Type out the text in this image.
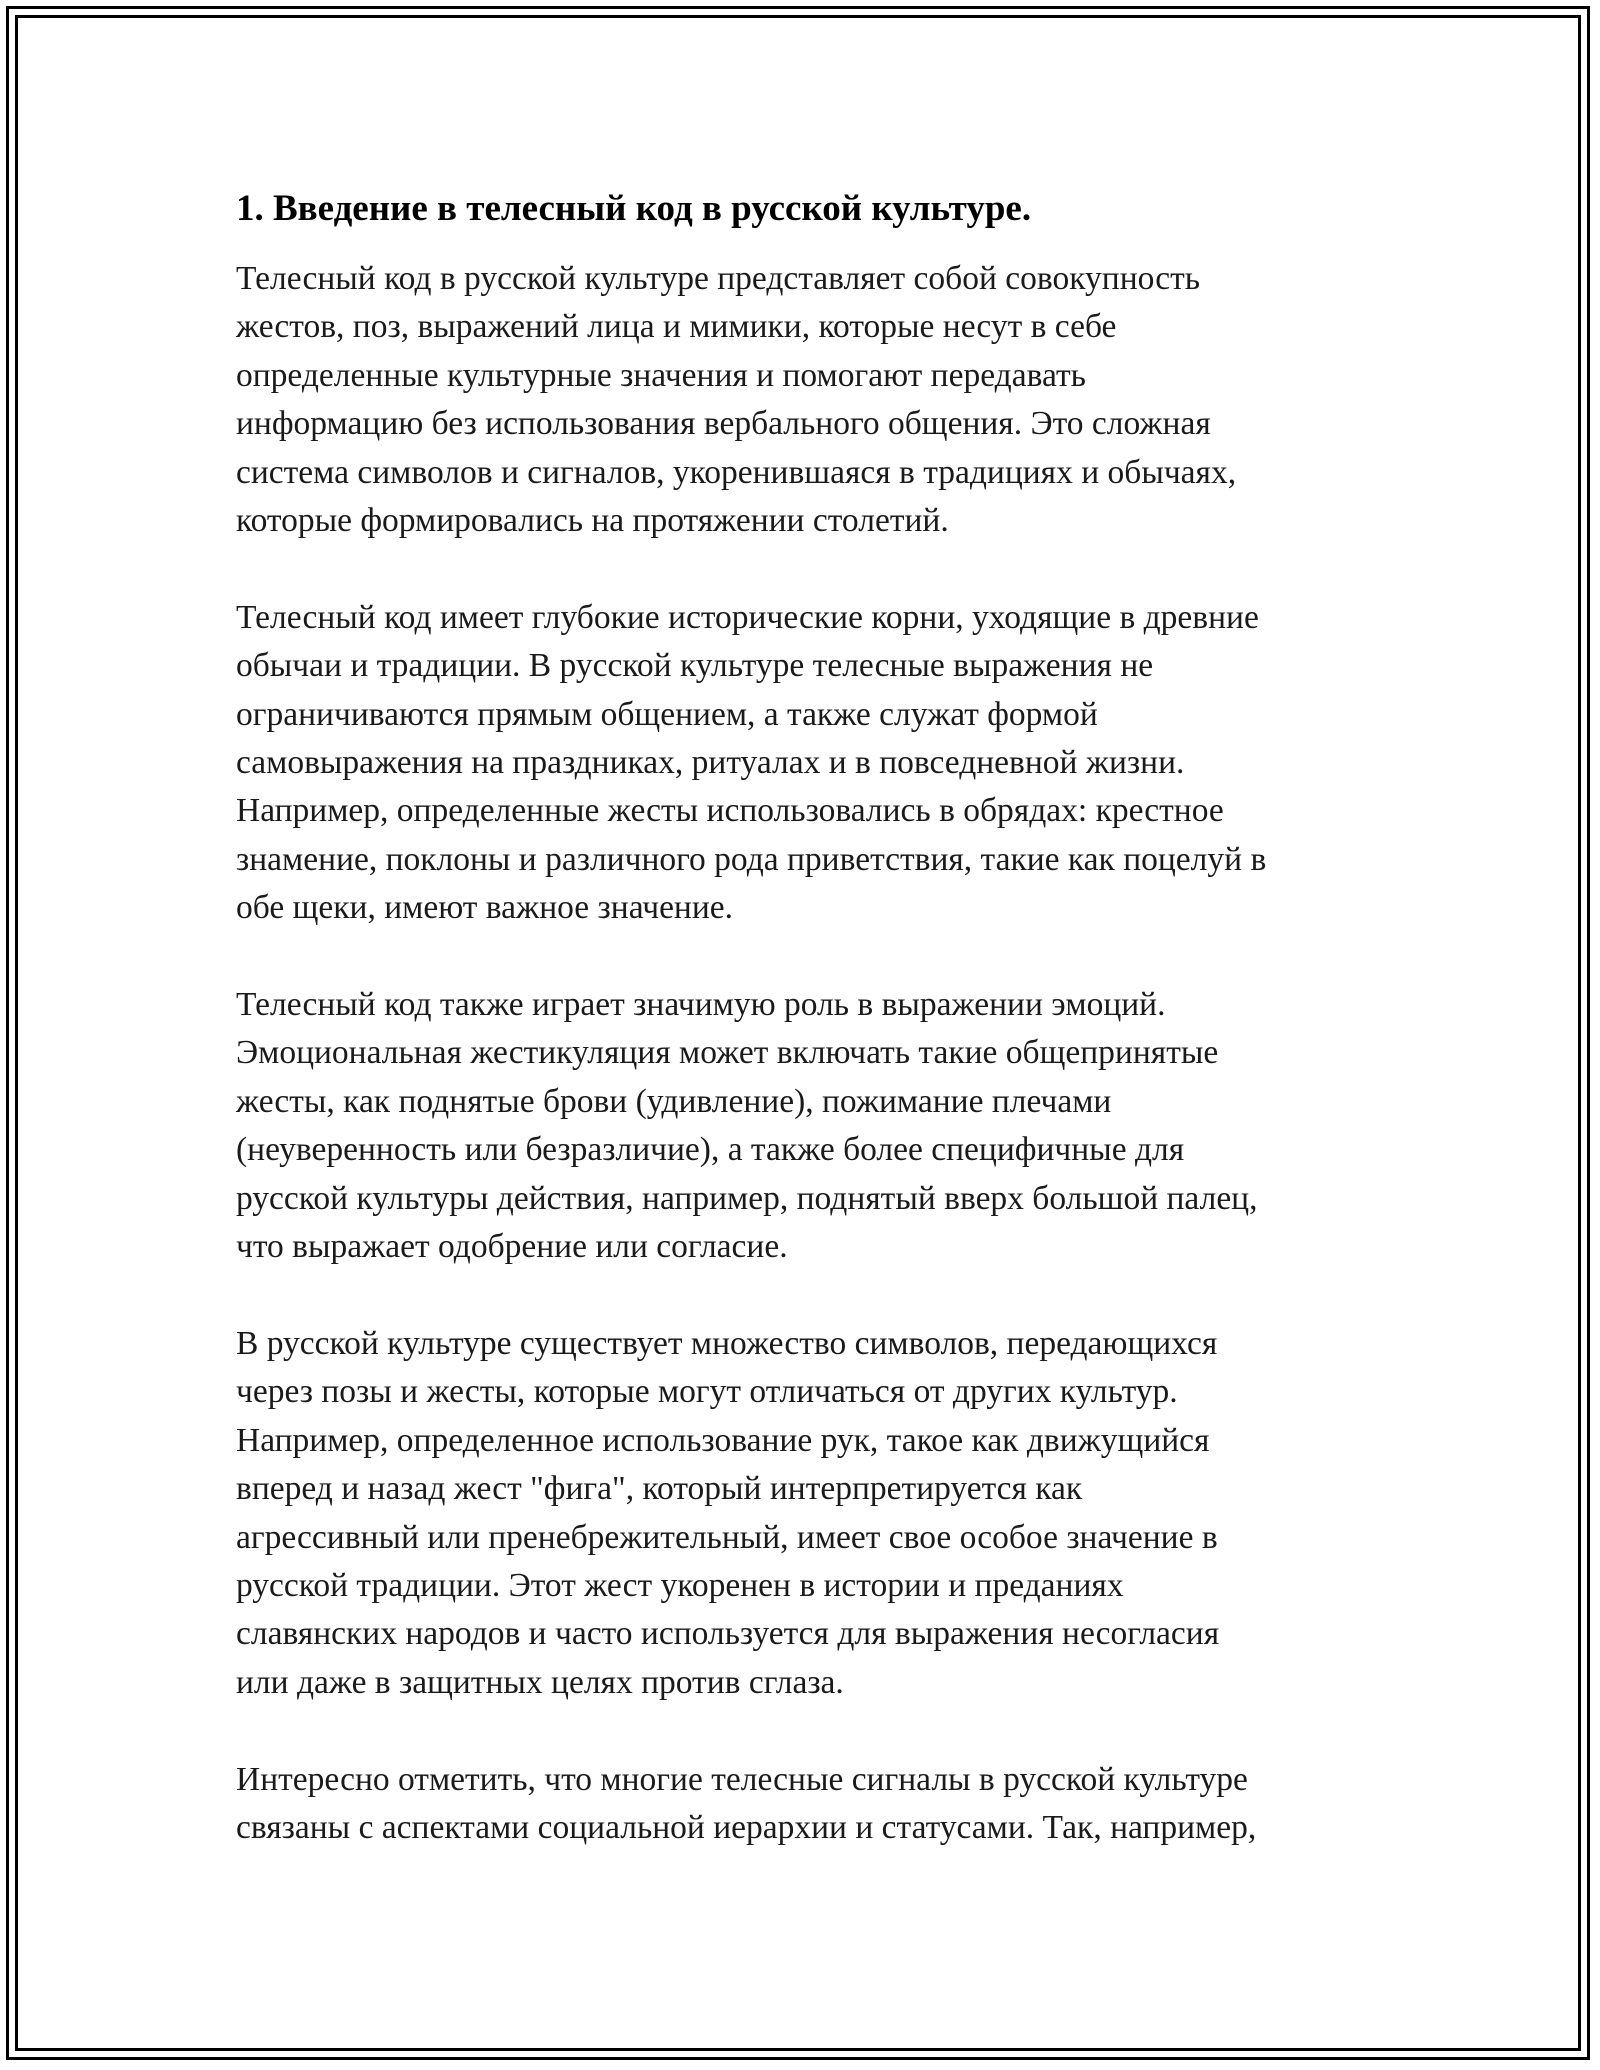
1. Введение в телесный код в русской культуре.

Телесный код в русской культуре представляет собой совокупность
жестов, поз, выражений лица и мимики, которые несут в себе
определенные культурные значения и помогают передавать
информацию без использования вербального общения. Это сложная
система символов и сигналов, укоренившаяся в традициях и обычаях,
которые формировались на протяжении столетий.

Телесный код имеет глубокие исторические корни, уходящие в древние
обычаи и традиции. В русской культуре телесные выражения не
ограничиваются прямым общением, а также служат формой
самовыражения на праздниках, ритуалах и в повседневной жизни.
Например, определенные жесты использовались в обрядах: крестное
знамение, поклоны и различного рода приветствия, такие как поцелуй в
обе щеки, имеют важное значение.

Телесный код также играет значимую роль в выражении эмоций.
Эмоциональная жестикуляция может включать такие общепринятые
жесты, как поднятые брови (удивление), пожимание плечами
(неуверенность или безразличие), а также более специфичные для
русской культуры действия, например, поднятый вверх большой палец,
что выражает одобрение или согласие.

В русской культуре существует множество символов, передающихся
через позы и жесты, которые могут отличаться от других культур.
Например, определенное использование рук, такое как движущийся
вперед и назад жест "фига", который интерпретируется как
агрессивный или пренебрежительный, имеет свое особое значение в
русской традиции. Этот жест укоренен в истории и преданиях
славянских народов и часто используется для выражения несогласия
или даже в защитных целях против сглаза.

Интересно отметить, что многие телесные сигналы в русской культуре
связаны с аспектами социальной иерархии и статусами. Так, например,
